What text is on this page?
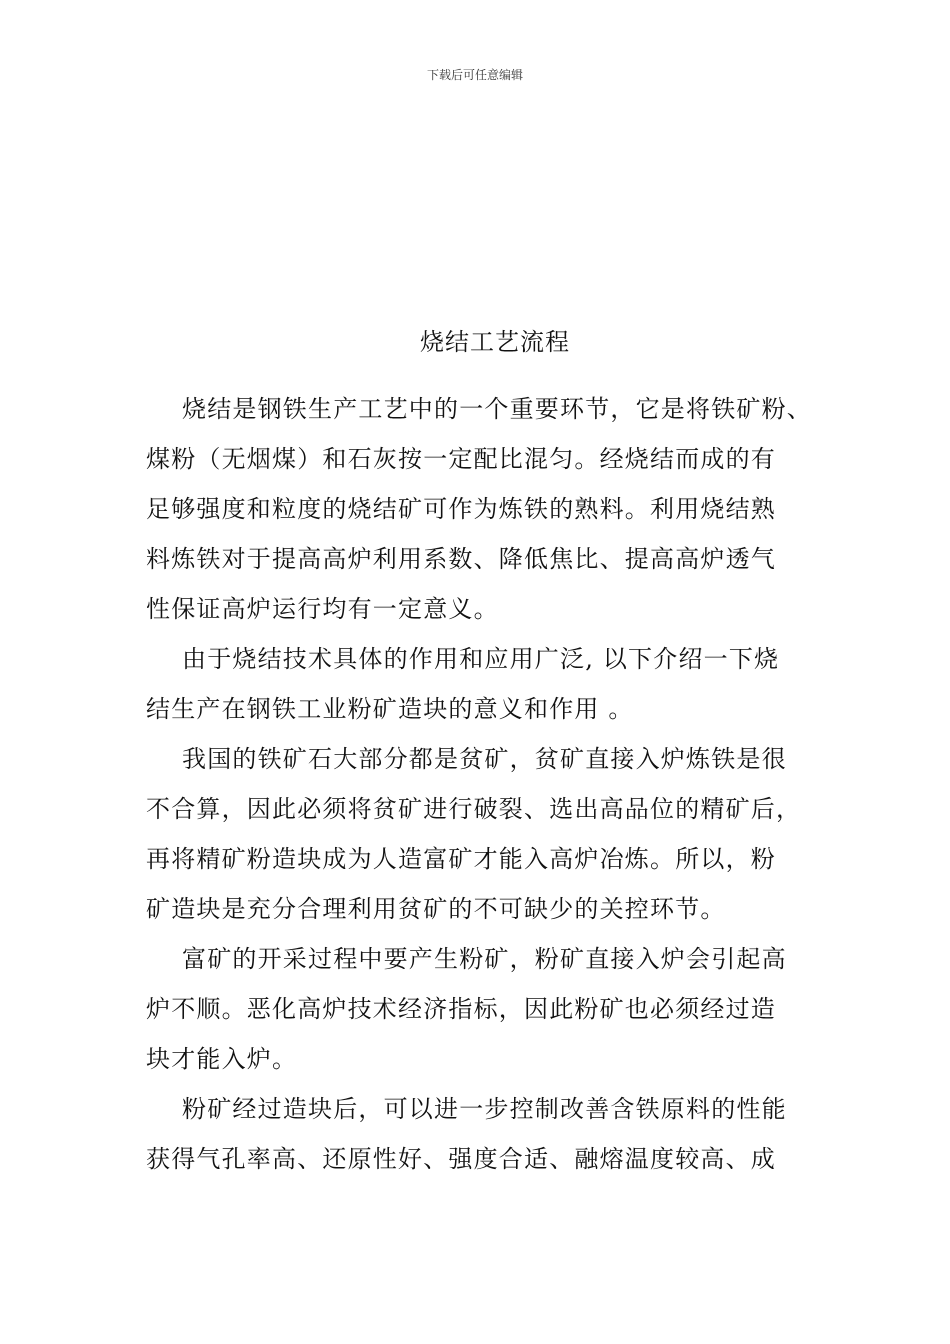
下载后可任意编辑
烧结工艺流程
烧结是钢铁生产工艺中的一个重要环节，它是将铁矿粉、
煤粉（无烟煤）和石灰按一定配比混匀。经烧结而成的有
足够强度和粒度的烧结矿可作为炼铁的熟料。利用烧结熟
料炼铁对于提高高炉利用系数、降低焦比、提高高炉透气
性保证高炉运行均有一定意义。
由于烧结技术具体的作用和应用广泛, 以下介绍一下烧
结生产在钢铁工业粉矿造块的意义和作用 。
我国的铁矿石大部分都是贫矿，贫矿直接入炉炼铁是很
不合算，因此必须将贫矿进行破裂、选出高品位的精矿后，
再将精矿粉造块成为人造富矿才能入高炉冶炼。所以，粉
矿造块是充分合理利用贫矿的不可缺少的关控环节。
富矿的开采过程中要产生粉矿，粉矿直接入炉会引起高
炉不顺。恶化高炉技术经济指标，因此粉矿也必须经过造
块才能入炉。
粉矿经过造块后，可以进一步控制改善含铁原料的性能
获得气孔率高、还原性好、强度合适、融熔温度较高、成
